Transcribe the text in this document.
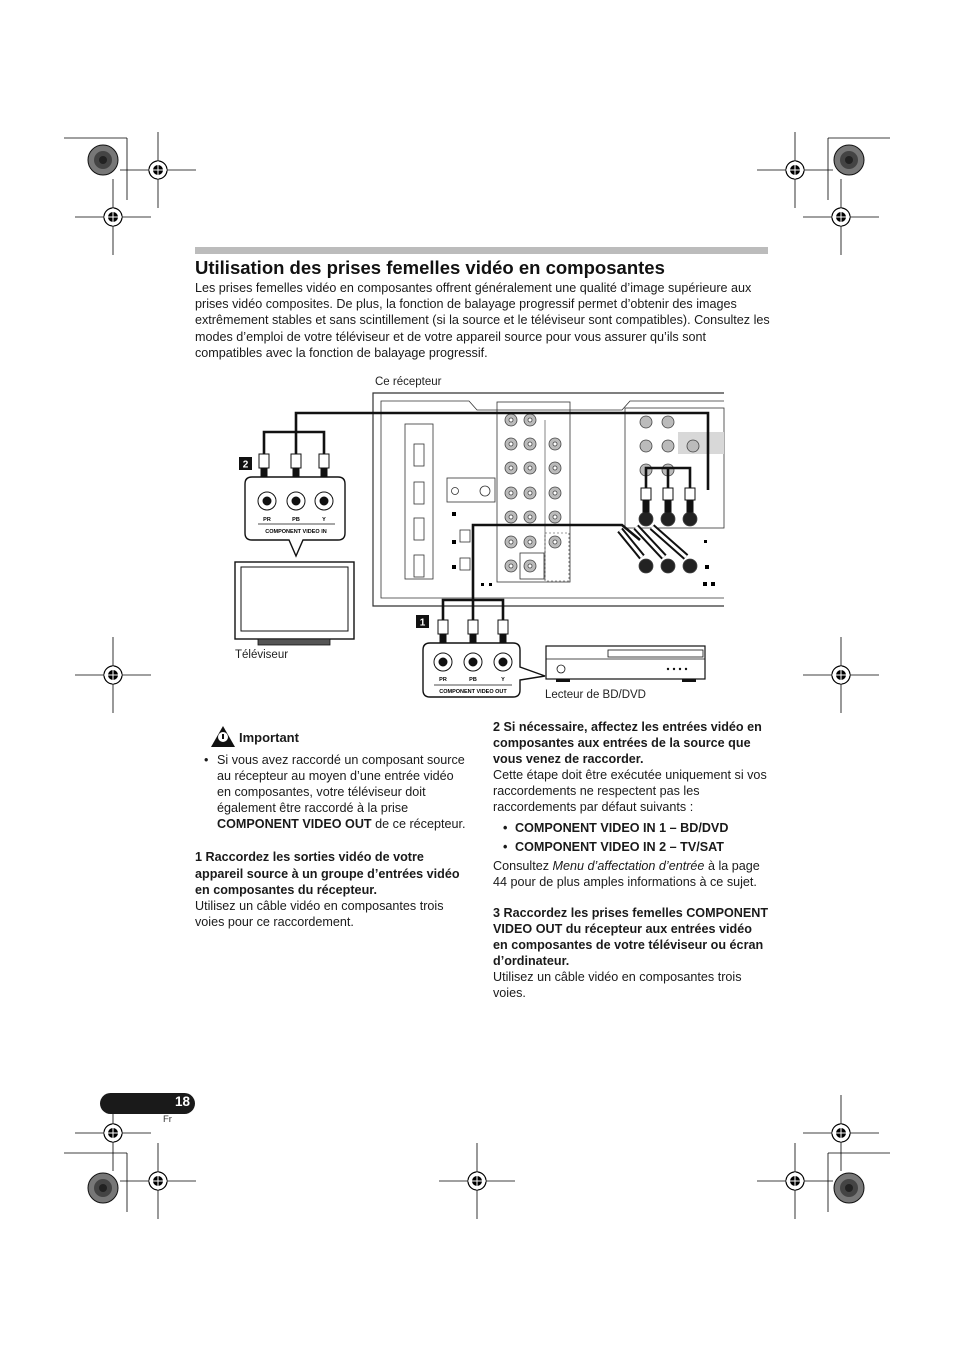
Utilisation des prises femelles vidéo en composantes

Les prises femelles vidéo en composantes offrent généralement une qualité d’image supérieure aux prises vidéo composites. De plus, la fonction de balayage progressif permet d’obtenir des images extrêmement stables et sans scintillement (si la source et le téléviseur sont compatibles). Consultez les modes d’emploi de votre téléviseur et de votre appareil source pour vous assurer qu’ils sont compatibles avec la fonction de balayage progressif.

Ce récepteur
Téléviseur
Lecteur de BD/DVD
PR	PB	Y
COMPONENT VIDEO IN
2
PR	PB	Y
COMPONENT VIDEO OUT
1
Important
• Si vous avez raccordé un composant source au récepteur au moyen d’une entrée vidéo en composantes, votre téléviseur doit également être raccordé à la prise COMPONENT VIDEO OUT de ce récepteur.

1 Raccordez les sorties vidéo de votre appareil source à un groupe d’entrées vidéo en composantes du récepteur.

Utilisez un câble vidéo en composantes trois voies pour ce raccordement.

2 Si nécessaire, affectez les entrées vidéo en composantes aux entrées de la source que vous venez de raccorder.

Cette étape doit être exécutée uniquement si vos raccordements ne respectent pas les raccordements par défaut suivants :

• COMPONENT VIDEO IN 1 – BD/DVD
• COMPONENT VIDEO IN 2 – TV/SAT

Consultez Menu d’affectation d’entrée à la page 44 pour de plus amples informations à ce sujet.

3 Raccordez les prises femelles COMPONENT VIDEO OUT du récepteur aux entrées vidéo en composantes de votre téléviseur ou écran d’ordinateur.

Utilisez un câble vidéo en composantes trois voies.

18
Fr
